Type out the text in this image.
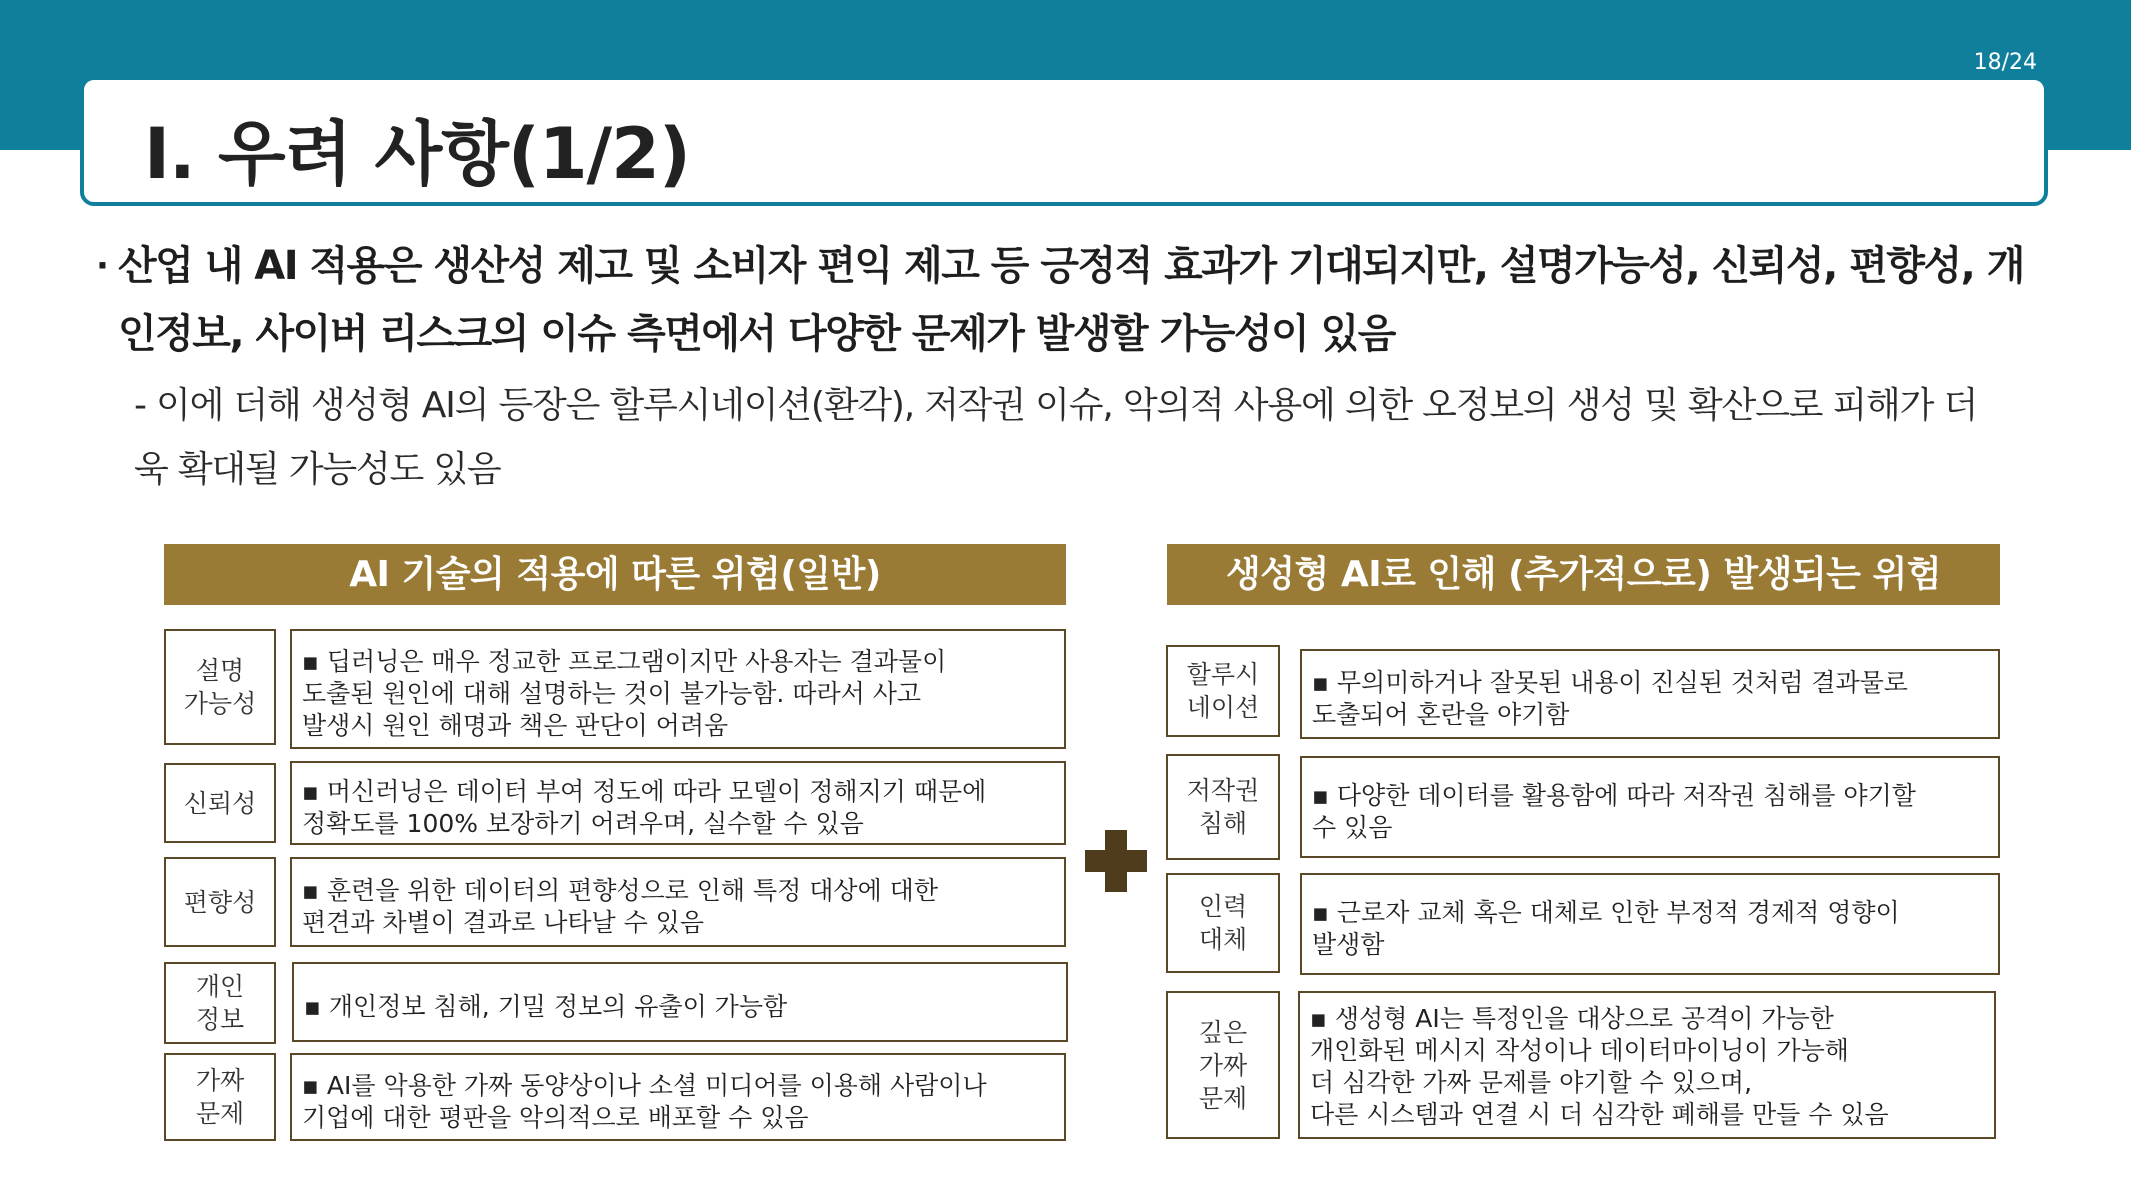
18/24
Ⅰ. 우려 사항(1/2)
· 산업 내 AI 적용은 생산성 제고 및 소비자 편익 제고 등 긍정적 효과가 기대되지만, 설명가능성, 신뢰성, 편향성, 개인정보, 사이버 리스크의 이슈 측면에서 다양한 문제가 발생할 가능성이 있음
- 이에 더해 생성형 AI의 등장은 할루시네이션(환각), 저작권 이슈, 악의적 사용에 의한 오정보의 생성 및 확산으로 피해가 더욱 확대될 가능성도 있음
AI 기술의 적용에 따른 위험(일반)
설명
가능성
▪ 딥러닝은 매우 정교한 프로그램이지만 사용자는 결과물이
도출된 원인에 대해 설명하는 것이 불가능함. 따라서 사고
발생시 원인 해명과 책은 판단이 어려움
신뢰성 ▪ 머신러닝은 데이터 부여 정도에 따라 모델이 정해지기 때문에
정확도를 100% 보장하기 어려우며, 실수할 수 있음
편향성 ▪ 훈련을 위한 데이터의 편향성으로 인해 특정 대상에 대한
편견과 차별이 결과로 나타날 수 있음
개인
정보 ▪ 개인정보 침해, 기밀 정보의 유출이 가능함
가짜
문제
▪ AI를 악용한 가짜 동양상이나 소셜 미디어를 이용해 사람이나
기업에 대한 평판을 악의적으로 배포할 수 있음
생성형 AI로 인해 (추가적으로) 발생되는 위험
할루시
네이션
▪ 무의미하거나 잘못된 내용이 진실된 것처럼 결과물로
도출되어 혼란을 야기함
저작권
침해
▪ 다양한 데이터를 활용함에 따라 저작권 침해를 야기할
수 있음
인력
대체
▪ 근로자 교체 혹은 대체로 인한 부정적 경제적 영향이
발생함
깊은
가짜
문제
▪ 생성형 AI는 특정인을 대상으로 공격이 가능한
개인화된 메시지 작성이나 데이터마이닝이 가능해
더 심각한 가짜 문제를 야기할 수 있으며,
다른 시스템과 연결 시 더 심각한 폐해를 만들 수 있음
